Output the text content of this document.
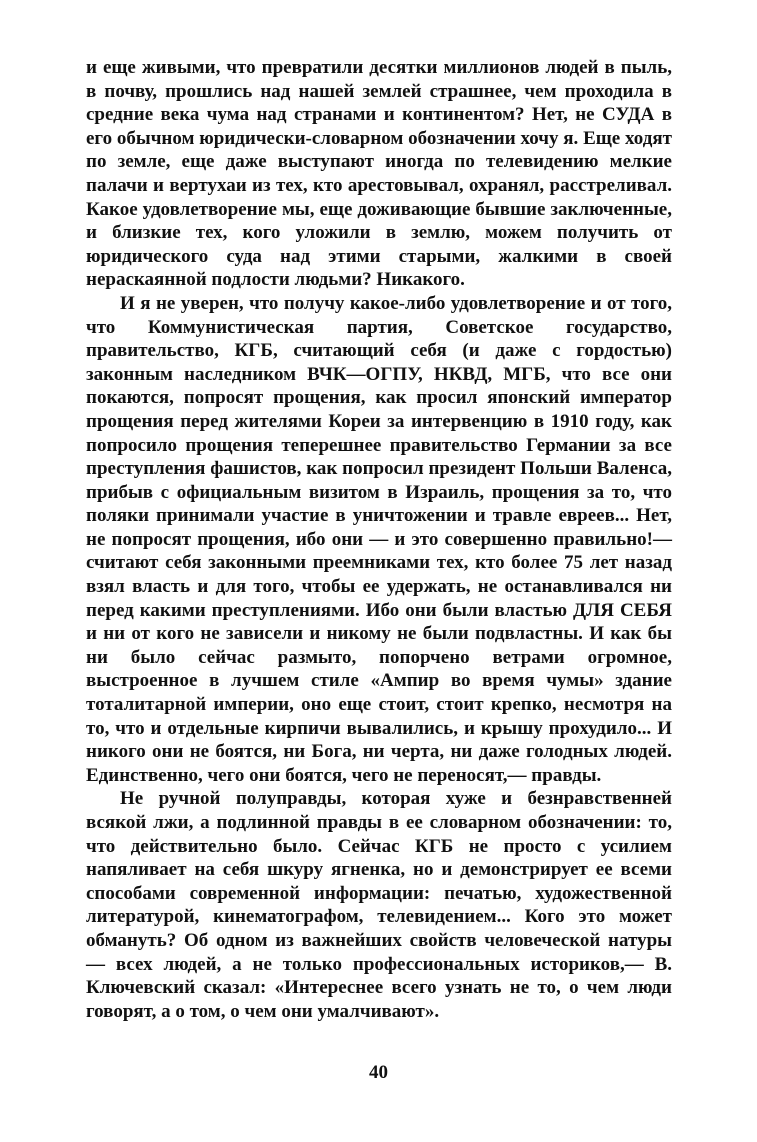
и еще живыми, что превратили десятки миллионов людей в пыль, в почву, прошлись над нашей землей страшнее, чем проходила в средние века чума над странами и континентом? Нет, не СУДА в его обычном юридически-словарном обозначении хочу я. Еще ходят по земле, еще даже выступают иногда по телевидению мелкие палачи и вертухаи из тех, кто арестовывал, охранял, расстреливал. Какое удовлетворение мы, еще доживающие бывшие заключенные, и близкие тех, кого уложили в землю, можем получить от юридического суда над этими старыми, жалкими в своей нераскаянной подлости людьми? Никакого.

И я не уверен, что получу какое-либо удовлетворение и от того, что Коммунистическая партия, Советское государство, правительство, КГБ, считающий себя (и даже с гордостью) законным наследником ВЧК—ОГПУ, НКВД, МГБ, что все они покаются, попросят прощения, как просил японский император прощения перед жителями Кореи за интервенцию в 1910 году, как попросило прощения теперешнее правительство Германии за все преступления фашистов, как попросил президент Польши Валенса, прибыв с официальным визитом в Израиль, прощения за то, что поляки принимали участие в уничтожении и травле евреев... Нет, не попросят прощения, ибо они — и это совершенно правильно!— считают себя законными преемниками тех, кто более 75 лет назад взял власть и для того, чтобы ее удержать, не останавливался ни перед какими преступлениями. Ибо они были властью ДЛЯ СЕБЯ и ни от кого не зависели и никому не были подвластны. И как бы ни было сейчас размыто, попорчено ветрами огромное, выстроенное в лучшем стиле «Ампир во время чумы» здание тоталитарной империи, оно еще стоит, стоит крепко, несмотря на то, что и отдельные кирпичи вывалились, и крышу прохудило... И никого они не боятся, ни Бога, ни черта, ни даже голодных людей. Единственно, чего они боятся, чего не переносят,— правды.

Не ручной полуправды, которая хуже и безнравственней всякой лжи, а подлинной правды в ее словарном обозначении: то, что действительно было. Сейчас КГБ не просто с усилием напяливает на себя шкуру ягненка, но и демонстрирует ее всеми способами современной информации: печатью, художественной литературой, кинематографом, телевидением... Кого это может обмануть? Об одном из важнейших свойств человеческой натуры — всех людей, а не только профессиональных историков,— В. Ключевский сказал: «Интереснее всего узнать не то, о чем люди говорят, а о том, о чем они умалчивают».

40
